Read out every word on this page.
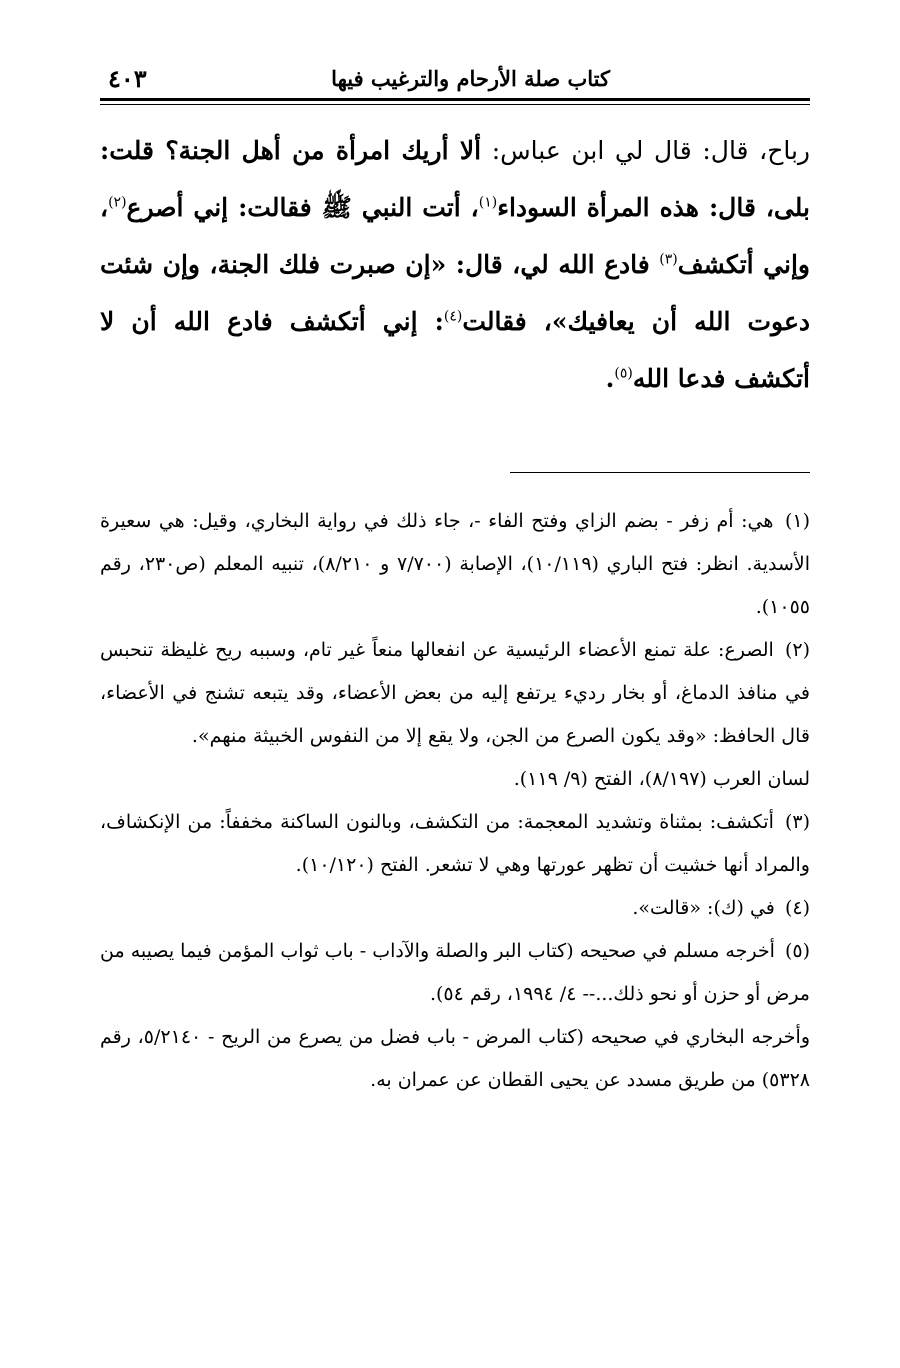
كتاب صلة الأرحام والترغيب فيها
٤٠٣

رباح، قال: قال لي ابن عباس: ألا أريك امرأة من أهل الجنة؟ قلت: بلى، قال: هذه المرأة السوداء$^{(١)}$، أتت النبي ﷺ فقالت: إني أصرع$^{(٢)}$، وإني أتكشف$^{(٣)}$ فادع الله لي، قال: «إن صبرت فلك الجنة، وإن شئت دعوت الله أن يعافيك»، فقالت$^{(٤)}$: إني أتكشف فادع الله أن لا أتكشف فدعا الله$^{(٥)}$.

(١) هي: أم زفر - بضم الزاي وفتح الفاء -، جاء ذلك في رواية البخاري، وقيل: هي سعيرة الأسدية. انظر: فتح الباري (١٠/١١٩)، الإصابة (٧/٧٠٠ و ٨/٢١٠)، تنبيه المعلم (ص٢٣٠، رقم ١٠٥٥).

(٢) الصرع: علة تمنع الأعضاء الرئيسية عن انفعالها منعاً غير تام، وسببه ريح غليظة تنحبس في منافذ الدماغ، أو بخار رديء يرتفع إليه من بعض الأعضاء، وقد يتبعه تشنج في الأعضاء، قال الحافظ: «وقد يكون الصرع من الجن، ولا يقع إلا من النفوس الخبيثة منهم».

لسان العرب (٨/١٩٧)، الفتح (٩/ ١١٩).

(٣) أتكشف: بمثناة وتشديد المعجمة: من التكشف، وبالنون الساكنة مخففاً: من الإنكشاف، والمراد أنها خشيت أن تظهر عورتها وهي لا تشعر. الفتح (١٠/١٢٠).

(٤) في (ك): «قالت».

(٥) أخرجه مسلم في صحيحه (كتاب البر والصلة والآداب - باب ثواب المؤمن فيما يصيبه من مرض أو حزن أو نحو ذلك...-- ٤/ ١٩٩٤، رقم ٥٤).

وأخرجه البخاري في صحيحه (كتاب المرض - باب فضل من يصرع من الريح - ٥/٢١٤٠، رقم ٥٣٢٨) من طريق مسدد عن يحيى القطان عن عمران به.
